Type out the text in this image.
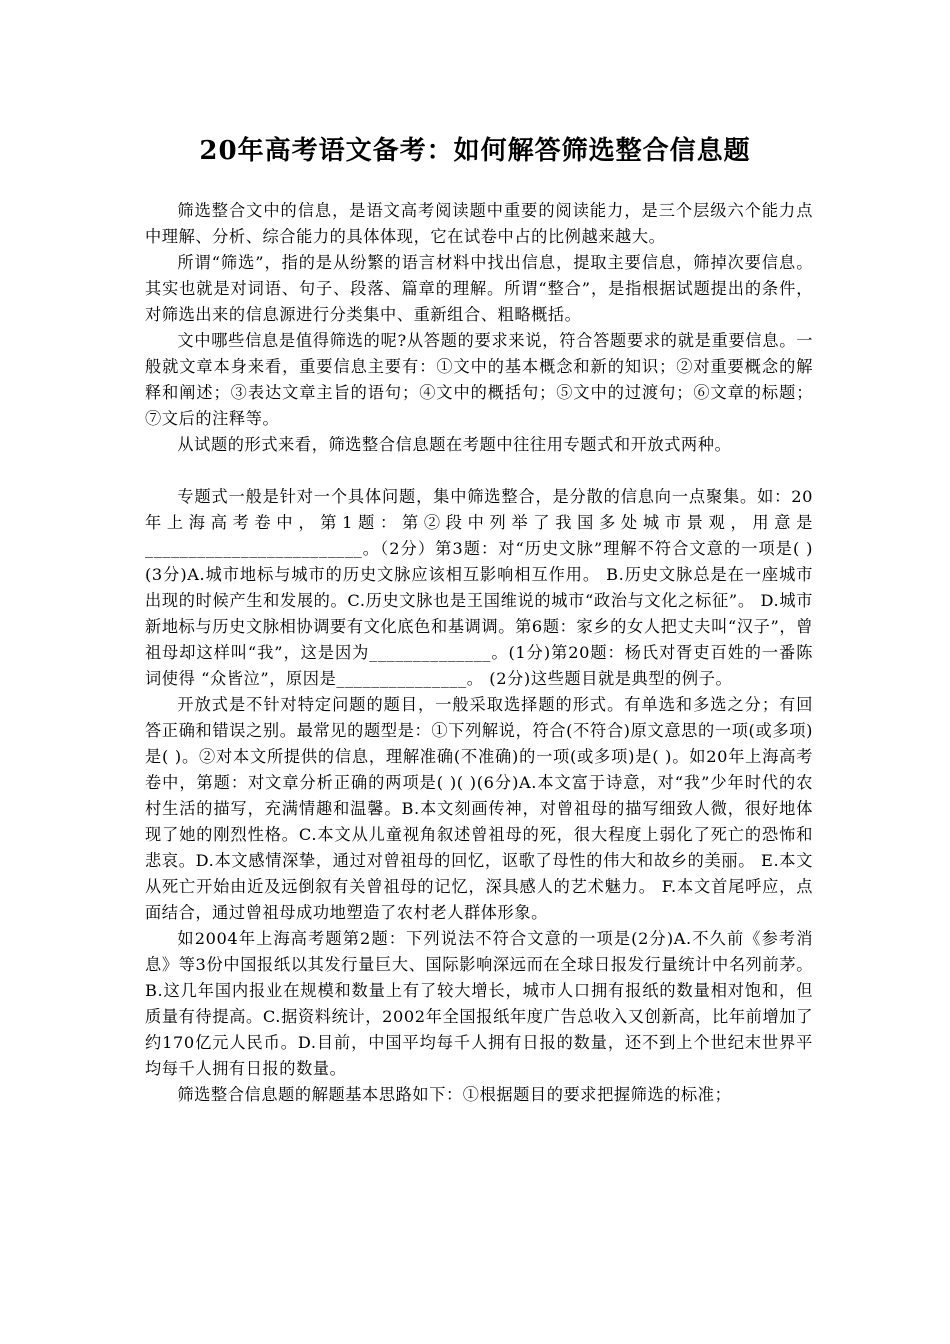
20年高考语文备考：如何解答筛选整合信息题

筛选整合文中的信息，是语文高考阅读题中重要的阅读能力，是三个层级六个能力点中理解、分析、综合能力的具体体现，它在试卷中占的比例越来越大。

所谓“筛选”，指的是从纷繁的语言材料中找出信息，提取主要信息，筛掉次要信息。其实也就是对词语、句子、段落、篇章的理解。所谓“整合”，是指根据试题提出的条件，对筛选出来的信息源进行分类集中、重新组合、粗略概括。

文中哪些信息是值得筛选的呢?从答题的要求来说，符合答题要求的就是重要信息。一般就文章本身来看，重要信息主要有：①文中的基本概念和新的知识；②对重要概念的解释和阐述；③表达文章主旨的语句；④文中的概括句；⑤文中的过渡句；⑥文章的标题；⑦文后的注释等。

从试题的形式来看，筛选整合信息题在考题中往往用专题式和开放式两种。

专题式一般是针对一个具体问题，集中筛选整合，是分散的信息向一点聚集。如：20年上海高考卷中，第1题：第②段中列举了我国多处城市景观，用意是_________________________。（2分）第3题：对“历史文脉”理解不符合文意的一项是( )(3分)A.城市地标与城市的历史文脉应该相互影响相互作用。 B.历史文脉总是在一座城市出现的时候产生和发展的。C.历史文脉也是王国维说的城市“政治与文化之标征”。 D.城市新地标与历史文脉相协调要有文化底色和基调调。第6题：家乡的女人把丈夫叫“汉子”，曾祖母却这样叫“我”，这是因为______________。(1分)第20题：杨氏对胥吏百姓的一番陈词使得 “众皆泣”，原因是_______________。 (2分)这些题目就是典型的例子。

开放式是不针对特定问题的题目，一般采取选择题的形式。有单选和多选之分；有回答正确和错误之别。最常见的题型是：①下列解说，符合(不符合)原文意思的一项(或多项)是( )。②对本文所提供的信息，理解准确(不准确)的一项(或多项)是( )。如20年上海高考卷中，第题：对文章分析正确的两项是( )( )(6分)A.本文富于诗意，对“我”少年时代的农村生活的描写，充满情趣和温馨。B.本文刻画传神，对曾祖母的描写细致人微，很好地体现了她的刚烈性格。C.本文从儿童视角叙述曾祖母的死，很大程度上弱化了死亡的恐怖和悲哀。D.本文感情深挚，通过对曾祖母的回忆，讴歌了母性的伟大和故乡的美丽。 E.本文从死亡开始由近及远倒叙有关曾祖母的记忆，深具感人的艺术魅力。 F.本文首尾呼应，点面结合，通过曾祖母成功地塑造了农村老人群体形象。

如2004年上海高考题第2题：下列说法不符合文意的一项是(2分)A.不久前《参考消息》等3份中国报纸以其发行量巨大、国际影响深远而在全球日报发行量统计中名列前茅。 B.这几年国内报业在规模和数量上有了较大增长，城市人口拥有报纸的数量相对饱和，但质量有待提高。C.据资料统计，2002年全国报纸年度广告总收入又创新高，比年前增加了约170亿元人民币。D.目前，中国平均每千人拥有日报的数量，还不到上个世纪末世界平均每千人拥有日报的数量。

筛选整合信息题的解题基本思路如下：①根据题目的要求把握筛选的标准；
